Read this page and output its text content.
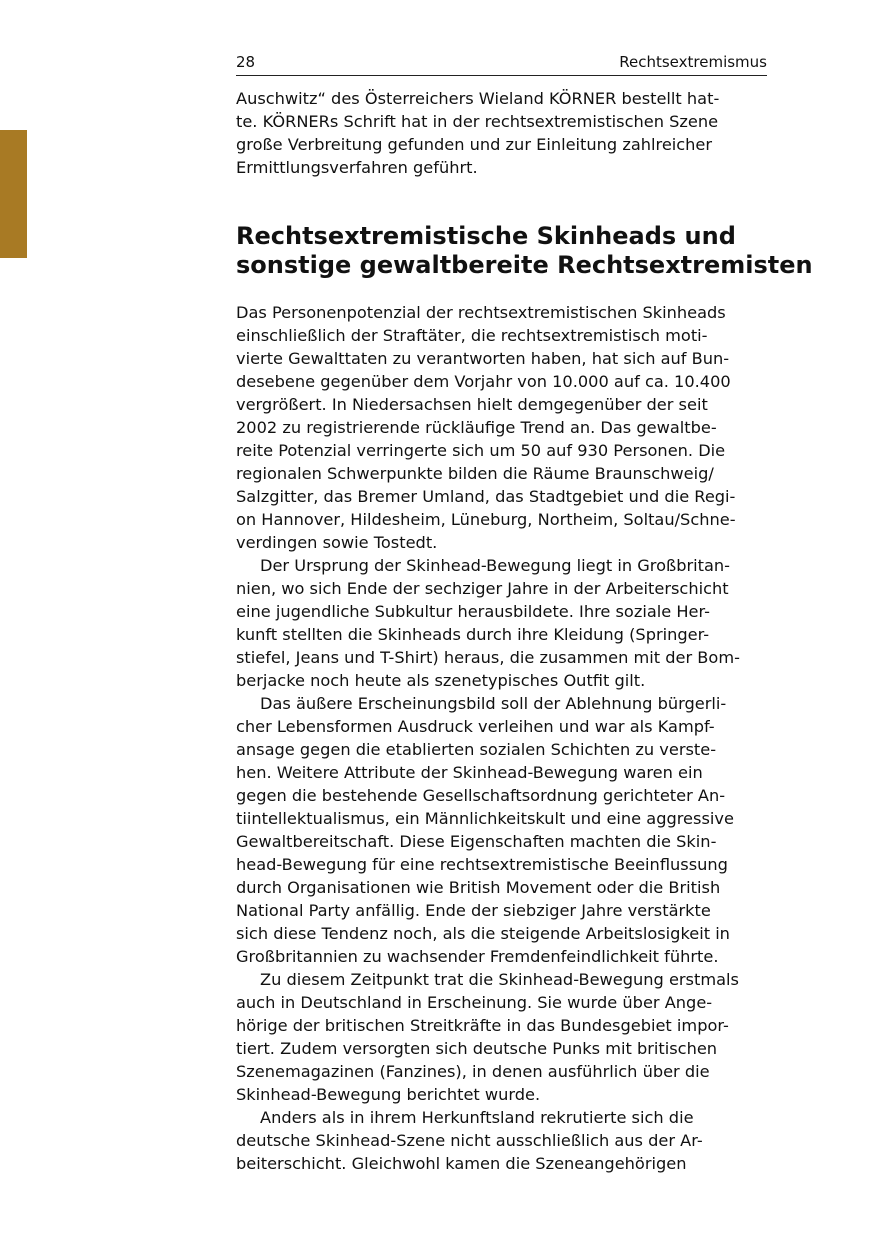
28	Rechtsextremismus
Auschwitz“ des Österreichers Wieland KÖRNER bestellt hat-
te. KÖRNERs Schrift hat in der rechtsextremistischen Szene
große Verbreitung gefunden und zur Einleitung zahlreicher
Ermittlungsverfahren geführt.
Rechtsextremistische Skinheads und
sonstige gewaltbereite Rechtsextremisten
Das Personenpotenzial der rechtsextremistischen Skinheads
einschließlich der Straftäter, die rechtsextremistisch moti-
vierte Gewalttaten zu verantworten haben, hat sich auf Bun-
desebene gegenüber dem Vorjahr von 10.000 auf ca. 10.400
vergrößert. In Niedersachsen hielt demgegenüber der seit
2002 zu registrierende rückläufige Trend an. Das gewaltbe-
reite Potenzial verringerte sich um 50 auf 930 Personen. Die
regionalen Schwerpunkte bilden die Räume Braunschweig/
Salzgitter, das Bremer Umland, das Stadtgebiet und die Regi-
on Hannover, Hildesheim, Lüneburg, Northeim, Soltau/Schne-
verdingen sowie Tostedt.
Der Ursprung der Skinhead-Bewegung liegt in Großbritan-
nien, wo sich Ende der sechziger Jahre in der Arbeiterschicht
eine jugendliche Subkultur herausbildete. Ihre soziale Her-
kunft stellten die Skinheads durch ihre Kleidung (Springer-
stiefel, Jeans und T-Shirt) heraus, die zusammen mit der Bom-
berjacke noch heute als szenetypisches Outfit gilt.
Das äußere Erscheinungsbild soll der Ablehnung bürgerli-
cher Lebensformen Ausdruck verleihen und war als Kampf-
ansage gegen die etablierten sozialen Schichten zu verste-
hen. Weitere Attribute der Skinhead-Bewegung waren ein
gegen die bestehende Gesellschaftsordnung gerichteter An-
tiintellektualismus, ein Männlichkeitskult und eine aggressive
Gewaltbereitschaft. Diese Eigenschaften machten die Skin-
head-Bewegung für eine rechtsextremistische Beeinflussung
durch Organisationen wie British Movement oder die British
National Party anfällig. Ende der siebziger Jahre verstärkte
sich diese Tendenz noch, als die steigende Arbeitslosigkeit in
Großbritannien zu wachsender Fremdenfeindlichkeit führte.
Zu diesem Zeitpunkt trat die Skinhead-Bewegung erstmals
auch in Deutschland in Erscheinung. Sie wurde über Ange-
hörige der britischen Streitkräfte in das Bundesgebiet impor-
tiert. Zudem versorgten sich deutsche Punks mit britischen
Szenemagazinen (Fanzines), in denen ausführlich über die
Skinhead-Bewegung berichtet wurde.
Anders als in ihrem Herkunftsland rekrutierte sich die
deutsche Skinhead-Szene nicht ausschließlich aus der Ar-
beiterschicht. Gleichwohl kamen die Szeneangehörigen
